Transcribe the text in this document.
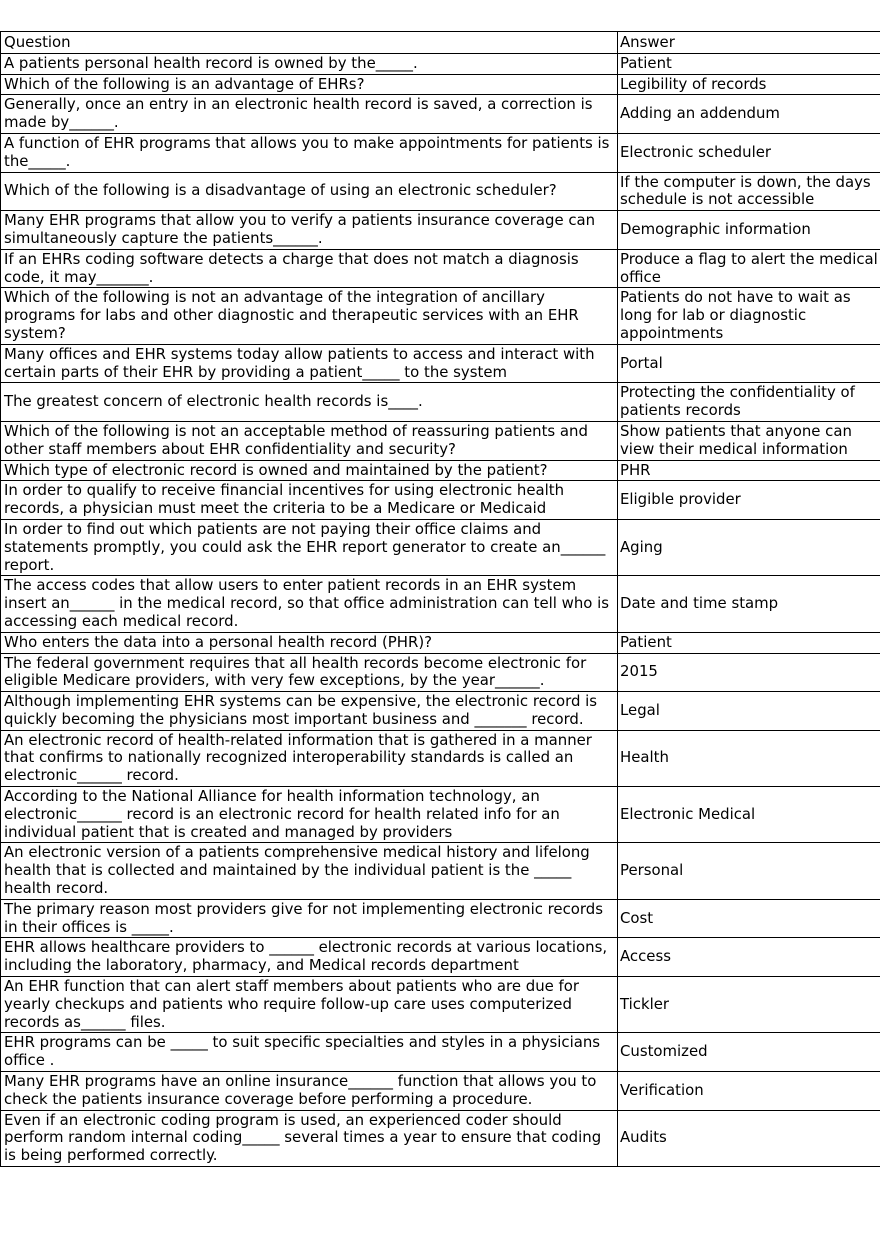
Question	Answer
A patients personal health record is owned by the_____.	Patient
Which of the following is an advantage of EHRs?	Legibility of records
Generally, once an entry in an electronic health record is saved, a correction is made by______.	Adding an addendum
A function of EHR programs that allows you to make appointments for patients is the_____.	Electronic scheduler
Which of the following is a disadvantage of using an electronic scheduler?	If the computer is down, the days schedule is not accessible
Many EHR programs that allow you to verify a patients insurance coverage can simultaneously capture the patients______.	Demographic information
If an EHRs coding software detects a charge that does not match a diagnosis code, it may_______.	Produce a flag to alert the medical office
Which of the following is not an advantage of the integration of ancillary programs for labs and other diagnostic and therapeutic services with an EHR system?	Patients do not have to wait as long for lab or diagnostic appointments
Many offices and EHR systems today allow patients to access and interact with certain parts of their EHR by providing a patient_____ to the system	Portal
The greatest concern of electronic health records is____.	Protecting the confidentiality of patients records
Which of the following is not an acceptable method of reassuring patients and other staff members about EHR confidentiality and security?	Show patients that anyone can view their medical information
Which type of electronic record is owned and maintained by the patient?	PHR
In order to qualify to receive financial incentives for using electronic health records, a physician must meet the criteria to be a Medicare or Medicaid	Eligible provider
In order to find out which patients are not paying their office claims and statements promptly, you could ask the EHR report generator to create an______ report.	Aging
The access codes that allow users to enter patient records in an EHR system insert an______ in the medical record, so that office administration can tell who is accessing each medical record.	Date and time stamp
Who enters the data into a personal health record (PHR)?	Patient
The federal government requires that all health records become electronic for eligible Medicare providers, with very few exceptions, by the year______.	2015
Although implementing EHR systems can be expensive, the electronic record is quickly becoming the physicians most important business and _______ record.	Legal
An electronic record of health-related information that is gathered in a manner that confirms to nationally recognized interoperability standards is called an electronic______ record.	Health
According to the National Alliance for health information technology, an electronic______ record is an electronic record for health related info for an individual patient that is created and managed by providers	Electronic Medical
An electronic version of a patients comprehensive medical history and lifelong health that is collected and maintained by the individual patient is the _____ health record.	Personal
The primary reason most providers give for not implementing electronic records in their offices is _____.	Cost
EHR allows healthcare providers to ______ electronic records at various locations, including the laboratory, pharmacy, and Medical records department	Access
An EHR function that can alert staff members about patients who are due for yearly checkups and patients who require follow-up care uses computerized records as______ files.	Tickler
EHR programs can be _____ to suit specific specialties and styles in a physicians office .	Customized
Many EHR programs have an online insurance______ function that allows you to check the patients insurance coverage before performing a procedure.	Verification
Even if an electronic coding program is used, an experienced coder should perform random internal coding_____ several times a year to ensure that coding is being performed correctly.	Audits
